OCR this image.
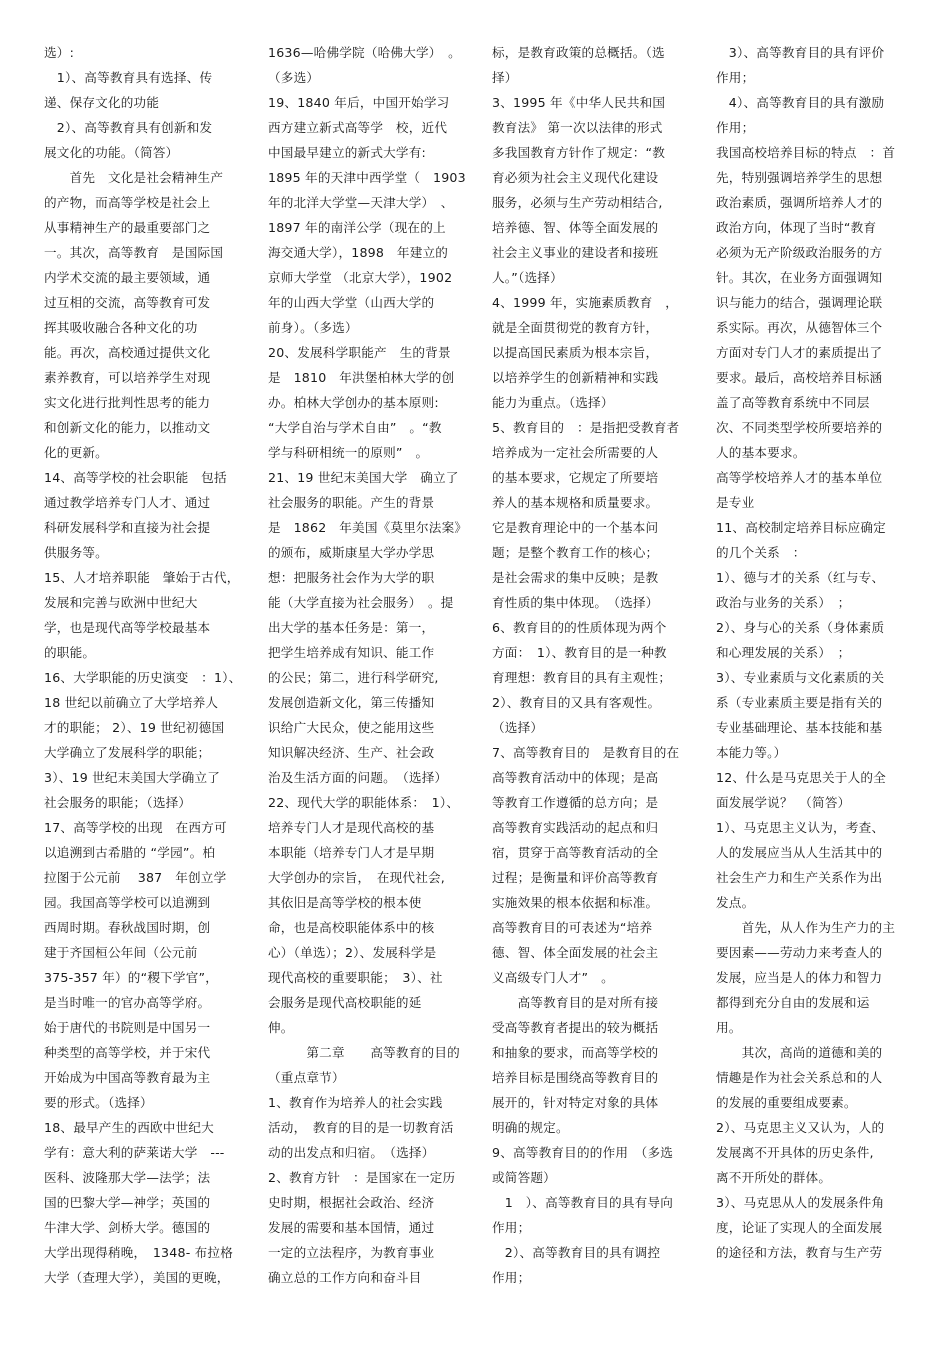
选）:
　1）、高等教育具有选择、传
递、保存文化的功能
　2）、高等教育具有创新和发
展文化的功能。（简答）
　　首先　文化是社会精神生产
的产物，而高等学校是社会上
从事精神生产的最重要部门之
一。其次，高等教育　是国际国
内学术交流的最主要领域，通
过互相的交流，高等教育可发
挥其吸收融合各种文化的功
能。再次，高校通过提供文化
素养教育，可以培养学生对现
实文化进行批判性思考的能力
和创新文化的能力，以推动文
化的更新。
14、高等学校的社会职能　包括
通过教学培养专门人才、通过
科研发展科学和直接为社会提
供服务等。
15、人才培养职能　肇始于古代，
发展和完善与欧洲中世纪大
学，也是现代高等学校最基本
的职能。
16、大学职能的历史演变　：1）、
18 世纪以前确立了大学培养人
才的职能； 2）、19 世纪初德国
大学确立了发展科学的职能；
3）、19 世纪末美国大学确立了
社会服务的职能；（选择）
17、高等学校的出现　在西方可
以追溯到古希腊的 “学园”。柏
拉图于公元前　 387　年创立学
园。我国高等学校可以追溯到
西周时期。春秋战国时期，创
建于齐国桓公年间（公元前
375-357 年）的“稷下学官”，
是当时唯一的官办高等学府。
始于唐代的书院则是中国另一
种类型的高等学校，并于宋代
开始成为中国高等教育最为主
要的形式。（选择）
18、最早产生的西欧中世纪大
学有：意大利的萨莱诺大学　---
医科、波隆那大学—法学；法
国的巴黎大学—神学；英国的
牛津大学、剑桥大学。德国的
大学出现得稍晚，　1348- 布拉格
大学（查理大学），美国的更晚，
1636—哈佛学院（哈佛大学）　。
（多选）
19、1840 年后，中国开始学习
西方建立新式高等学　校，近代
中国最早建立的新式大学有:
1895 年的天津中西学堂（　1903
年的北洋大学堂—天津大学）　、
1897 年的南洋公学（现在的上
海交通大学），1898　年建立的
京师大学堂 （北京大学），1902
年的山西大学堂（山西大学的
前身）。（多选）
20、发展科学职能产　生的背景
是　1810　年洪堡柏林大学的创
办。柏林大学创办的基本原则:
“大学自治与学术自由”　。“教
学与科研相统一的原则”　。
21、19 世纪末美国大学　确立了
社会服务的职能。产生的背景
是　1862　年美国《莫里尔法案》
的颁布，威斯康星大学办学思
想：把服务社会作为大学的职
能（大学直接为社会服务）　。提
出大学的基本任务是：第一，
把学生培养成有知识、能工作
的公民；第二，进行科学研究,
发展创造新文化，第三传播知
识给广大民众，使之能用这些
知识解决经济、生产、社会政
治及生活方面的问题。　（选择）
22、现代大学的职能体系：　1）、
培养专门人才是现代高校的基
本职能（培养专门人才是早期
大学创办的宗旨，　在现代社会,
其依旧是高等学校的根本使
命，也是高校职能体系中的核
心）（单选）；2）、发展科学是
现代高校的重要职能；　3）、社
会服务是现代高校职能的延
伸。
　　　第二章　　高等教育的目的
（重点章节）
1、教育作为培养人的社会实践
活动，　教育的目的是一切教育活
动的出发点和归宿。　（选择）
2、教育方针　：是国家在一定历
史时期，根据社会政治、经济
发展的需要和基本国情，通过
一定的立法程序，为教育事业
确立总的工作方向和奋斗目
标，是教育政策的总概括。（选
择）
3、1995 年《中华人民共和国
教育法》 第一次以法律的形式
多我国教育方针作了规定：“教
育必须为社会主义现代化建设
服务，必须与生产劳动相结合,
培养德、智、体等全面发展的
社会主义事业的建设者和接班
人。”（选择）
4、1999 年，实施素质教育　，
就是全面贯彻党的教育方针，
以提高国民素质为根本宗旨，
以培养学生的创新精神和实践
能力为重点。（选择）
5、教育目的　：是指把受教育者
培养成为一定社会所需要的人
的基本要求，它规定了所要培
养人的基本规格和质量要求。
它是教育理论中的一个基本问
题；是整个教育工作的核心；
是社会需求的集中反映；是教
育性质的集中体现。　（选择）
6、教育目的的性质体现为两个
方面：　1）、教育目的是一种教
育理想：教育目的具有主观性；
2）、教育目的又具有客观性。
（选择）
7、高等教育目的　是教育目的在
高等教育活动中的体现；是高
等教育工作遵循的总方向；是
高等教育实践活动的起点和归
宿，贯穿于高等教育活动的全
过程；是衡量和评价高等教育
实施效果的根本依据和标准。
高等教育目的可表述为“培养
德、智、体全面发展的社会主
义高级专门人才”　。
　　高等教育目的是对所有接
受高等教育者提出的较为概括
和抽象的要求，而高等学校的
培养目标是围绕高等教育目的
展开的，针对特定对象的具体
明确的规定。
9、高等教育目的的作用　（多选
或简答题）
　1　）、高等教育目的具有导向
作用；
　2）、高等教育目的具有调控
作用；
　3）、高等教育目的具有评价
作用；
　4）、高等教育目的具有激励
作用；
我国高校培养目标的特点　：首
先，特别强调培养学生的思想
政治素质，强调所培养人才的
政治方向，体现了当时“教育
必须为无产阶级政治服务的方
针。其次，在业务方面强调知
识与能力的结合，强调理论联
系实际。再次，从德智体三个
方面对专门人才的素质提出了
要求。最后，高校培养目标涵
盖了高等教育系统中不同层
次、不同类型学校所要培养的
人的基本要求。
高等学校培养人才的基本单位
是专业
11、高校制定培养目标应确定
的几个关系　：
1）、德与才的关系（红与专、
政治与业务的关系）　；
2）、身与心的关系（身体素质
和心理发展的关系）　；
3）、专业素质与文化素质的关
系（专业素质主要是指有关的
专业基础理论、基本技能和基
本能力等。）
12、什么是马克思关于人的全
面发展学说？　（简答）
1）、马克思主义认为，考查、
人的发展应当从人生活其中的
社会生产力和生产关系作为出
发点。
　　首先，从人作为生产力的主
要因素——劳动力来考查人的
发展，应当是人的体力和智力
都得到充分自由的发展和运
用。
　　其次，高尚的道德和美的
情趣是作为社会关系总和的人
的发展的重要组成要素。
2）、马克思主义又认为，人的
发展离不开具体的历史条件,
离不开所处的群体。
3）、马克思从人的发展条件角
度，论证了实现人的全面发展
的途径和方法，教育与生产劳
